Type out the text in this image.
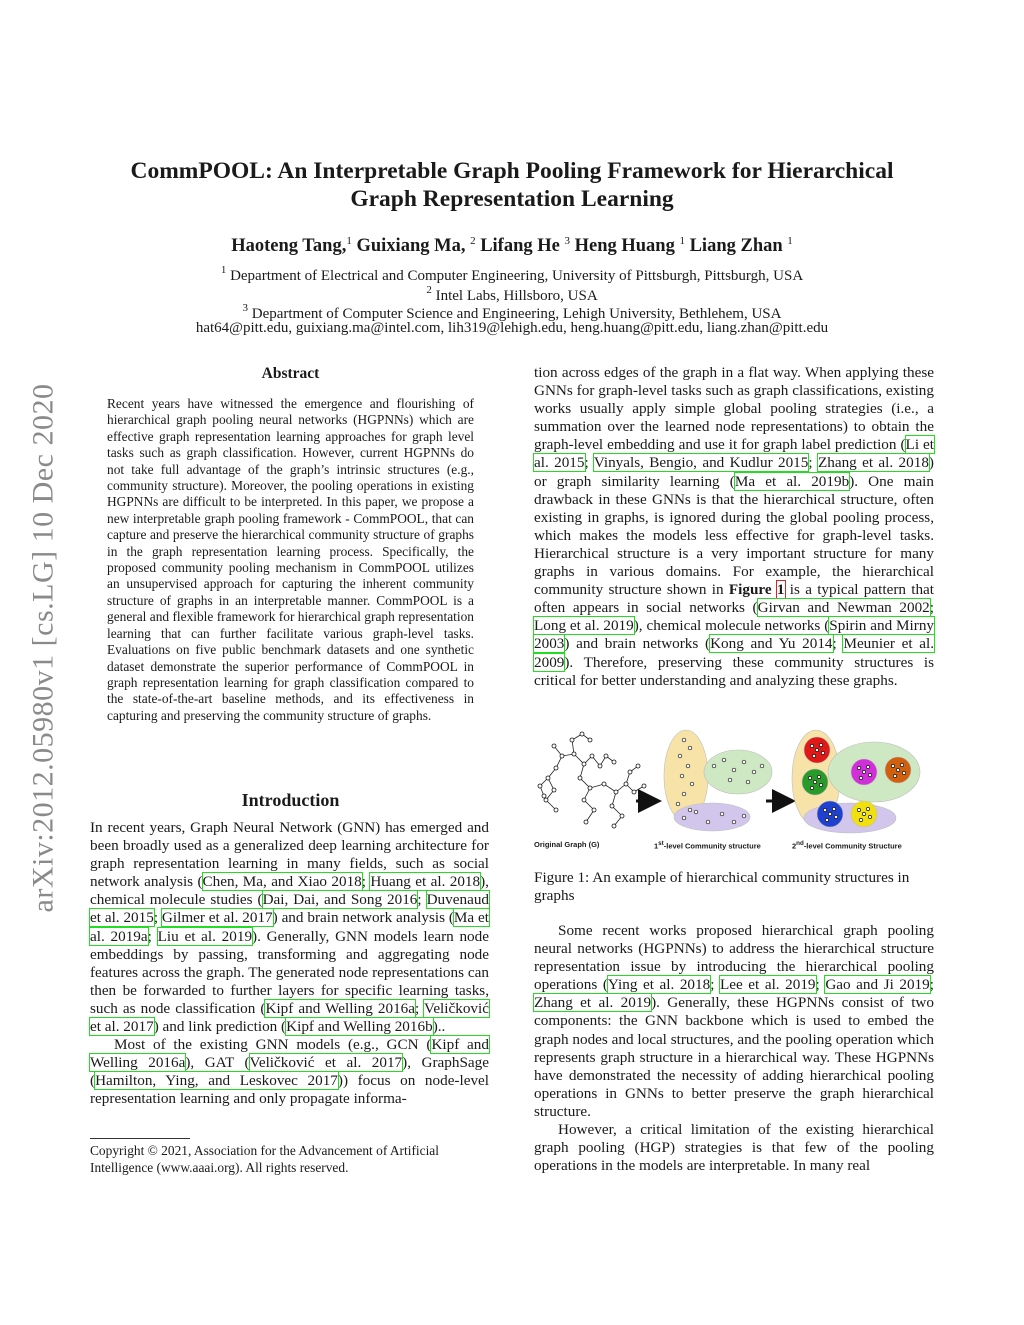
arXiv:2012.05980v1 [cs.LG] 10 Dec 2020
CommPOOL: An Interpretable Graph Pooling Framework for Hierarchical
Graph Representation Learning
Haoteng Tang,$^1$ Guixiang Ma, $^2$ Lifang He $^3$ Heng Huang $^1$ Liang Zhan $^1$
$^1$ Department of Electrical and Computer Engineering, University of Pittsburgh, Pittsburgh, USA
$^2$ Intel Labs, Hillsboro, USA
$^3$ Department of Computer Science and Engineering, Lehigh University, Bethlehem, USA
hat64@pitt.edu, guixiang.ma@intel.com, lih319@lehigh.edu, heng.huang@pitt.edu, liang.zhan@pitt.edu
Abstract
Recent years have witnessed the emergence and flourishing of hierarchical graph pooling neural networks (HGPNNs) which are effective graph representation learning approaches for graph level tasks such as graph classification. However, current HGPNNs do not take full advantage of the graph’s intrinsic structures (e.g., community structure). Moreover, the pooling operations in existing HGPNNs are difficult to be interpreted. In this paper, we propose a new interpretable graph pooling framework - CommPOOL, that can capture and preserve the hierarchical community structure of graphs in the graph representation learning process. Specifically, the proposed community pooling mechanism in CommPOOL utilizes an unsupervised approach for capturing the inherent community structure of graphs in an interpretable manner. CommPOOL is a general and flexible framework for hierarchical graph representation learning that can further facilitate various graph-level tasks. Evaluations on five public benchmark datasets and one synthetic dataset demonstrate the superior performance of CommPOOL in graph representation learning for graph classification compared to the state-of-the-art baseline methods, and its effectiveness in capturing and preserving the community structure of graphs.
Introduction

In recent years, Graph Neural Network (GNN) has emerged and been broadly used as a generalized deep learning architecture for graph representation learning in many fields, such as social network analysis (Chen, Ma, and Xiao 2018; Huang et al. 2018), chemical molecule studies (Dai, Dai, and Song 2016; Duvenaud et al. 2015; Gilmer et al. 2017) and brain network analysis (Ma et al. 2019a; Liu et al. 2019). Generally, GNN models learn node embeddings by passing, transforming and aggregating node features across the graph. The generated node representations can then be forwarded to further layers for specific learning tasks, such as node classification (Kipf and Welling 2016a; Veličković et al. 2017) and link prediction (Kipf and Welling 2016b)..

Most of the existing GNN models (e.g., GCN (Kipf and Welling 2016a), GAT (Veličković et al. 2017), GraphSage (Hamilton, Ying, and Leskovec 2017)) focus on node-level representation learning and only propagate informa-

Copyright © 2021, Association for the Advancement of Artificial Intelligence (www.aaai.org). All rights reserved.

tion across edges of the graph in a flat way. When applying these GNNs for graph-level tasks such as graph classifications, existing works usually apply simple global pooling strategies (i.e., a summation over the learned node representations) to obtain the graph-level embedding and use it for graph label prediction (Li et al. 2015; Vinyals, Bengio, and Kudlur 2015; Zhang et al. 2018) or graph similarity learning (Ma et al. 2019b). One main drawback in these GNNs is that the hierarchical structure, often existing in graphs, is ignored during the global pooling process, which makes the models less effective for graph-level tasks. Hierarchical structure is a very important structure for many graphs in various domains. For example, the hierarchical community structure shown in Figure 1 is a typical pattern that often appears in social networks (Girvan and Newman 2002; Long et al. 2019), chemical molecule networks (Spirin and Mirny 2003) and brain networks (Kong and Yu 2014; Meunier et al. 2009). Therefore, preserving these community structures is critical for better understanding and analyzing these graphs.

Original Graph (G)	1st-level Community structure	2nd-level Community Structure
Figure 1: An example of hierarchical community structures in graphs

Some recent works proposed hierarchical graph pooling neural networks (HGPNNs) to address the hierarchical structure representation issue by introducing the hierarchical pooling operations (Ying et al. 2018; Lee et al. 2019; Gao and Ji 2019; Zhang et al. 2019). Generally, these HGPNNs consist of two components: the GNN backbone which is used to embed the graph nodes and local structures, and the pooling operation which represents graph structure in a hierarchical way. These HGPNNs have demonstrated the necessity of adding hierarchical pooling operations in GNNs to better preserve the graph hierarchical structure.

However, a critical limitation of the existing hierarchical graph pooling (HGP) strategies is that few of the pooling operations in the models are interpretable. In many real
